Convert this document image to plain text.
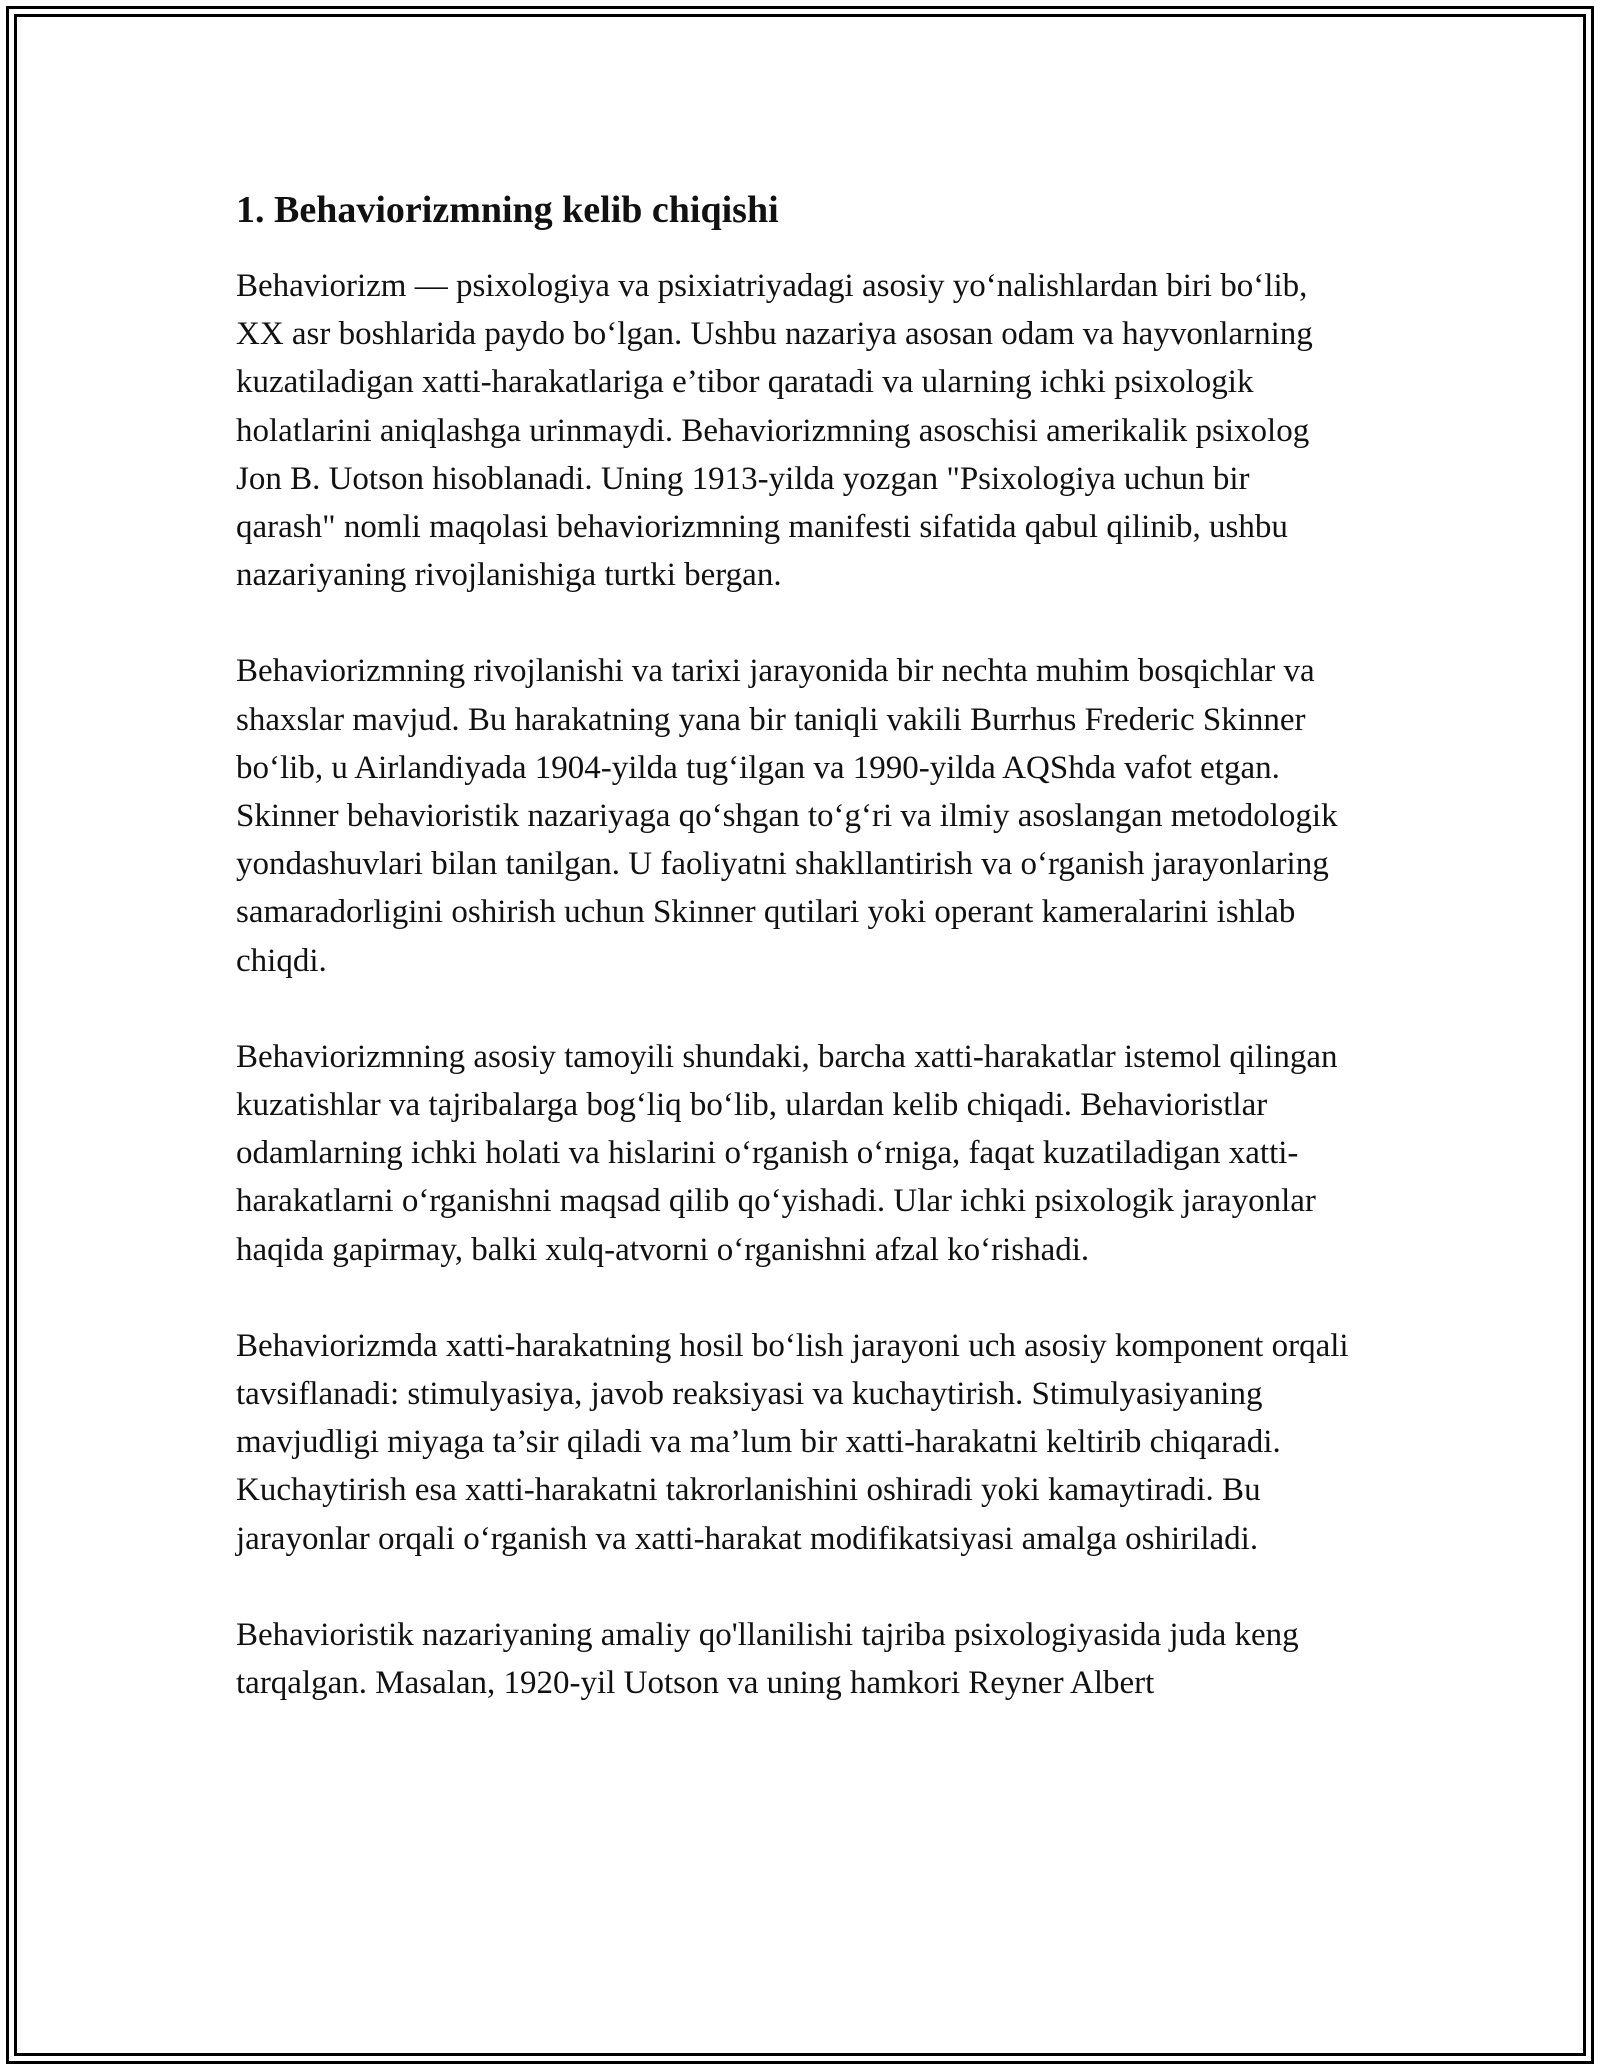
1. Behaviorizmning kelib chiqishi

Behaviorizm — psixologiya va psixiatriyadagi asosiy yo‘nalishlardan biri bo‘lib, XX asr boshlarida paydo bo‘lgan. Ushbu nazariya asosan odam va hayvonlarning kuzatiladigan xatti-harakatlariga e’tibor qaratadi va ularning ichki psixologik holatlarini aniqlashga urinmaydi. Behaviorizmning asoschisi amerikalik psixolog Jon B. Uotson hisoblanadi. Uning 1913-yilda yozgan "Psixologiya uchun bir qarash" nomli maqolasi behaviorizmning manifesti sifatida qabul qilinib, ushbu nazariyaning rivojlanishiga turtki bergan.

Behaviorizmning rivojlanishi va tarixi jarayonida bir nechta muhim bosqichlar va shaxslar mavjud. Bu harakatning yana bir taniqli vakili Burrhus Frederic Skinner bo‘lib, u Airlandiyada 1904-yilda tug‘ilgan va 1990-yilda AQShda vafot etgan. Skinner behavioristik nazariyaga qo‘shgan to‘g‘ri va ilmiy asoslangan metodologik yondashuvlari bilan tanilgan. U faoliyatni shakllantirish va o‘rganish jarayonlaring samaradorligini oshirish uchun Skinner qutilari yoki operant kameralarini ishlab chiqdi.

Behaviorizmning asosiy tamoyili shundaki, barcha xatti-harakatlar istemol qilingan kuzatishlar va tajribalarga bog‘liq bo‘lib, ulardan kelib chiqadi. Behavioristlar odamlarning ichki holati va hislarini o‘rganish o‘rniga, faqat kuzatiladigan xatti-harakatlarni o‘rganishni maqsad qilib qo‘yishadi. Ular ichki psixologik jarayonlar haqida gapirmay, balki xulq-atvorni o‘rganishni afzal ko‘rishadi.

Behaviorizmda xatti-harakatning hosil bo‘lish jarayoni uch asosiy komponent orqali tavsiflanadi: stimulyasiya, javob reaksiyasi va kuchaytirish. Stimulyasiyaning mavjudligi miyaga ta’sir qiladi va ma’lum bir xatti-harakatni keltirib chiqaradi. Kuchaytirish esa xatti-harakatni takrorlanishini oshiradi yoki kamaytiradi. Bu jarayonlar orqali o‘rganish va xatti-harakat modifikatsiyasi amalga oshiriladi.

Behavioristik nazariyaning amaliy qo'llanilishi tajriba psixologiyasida juda keng tarqalgan. Masalan, 1920-yil Uotson va uning hamkori Reyner Albert
